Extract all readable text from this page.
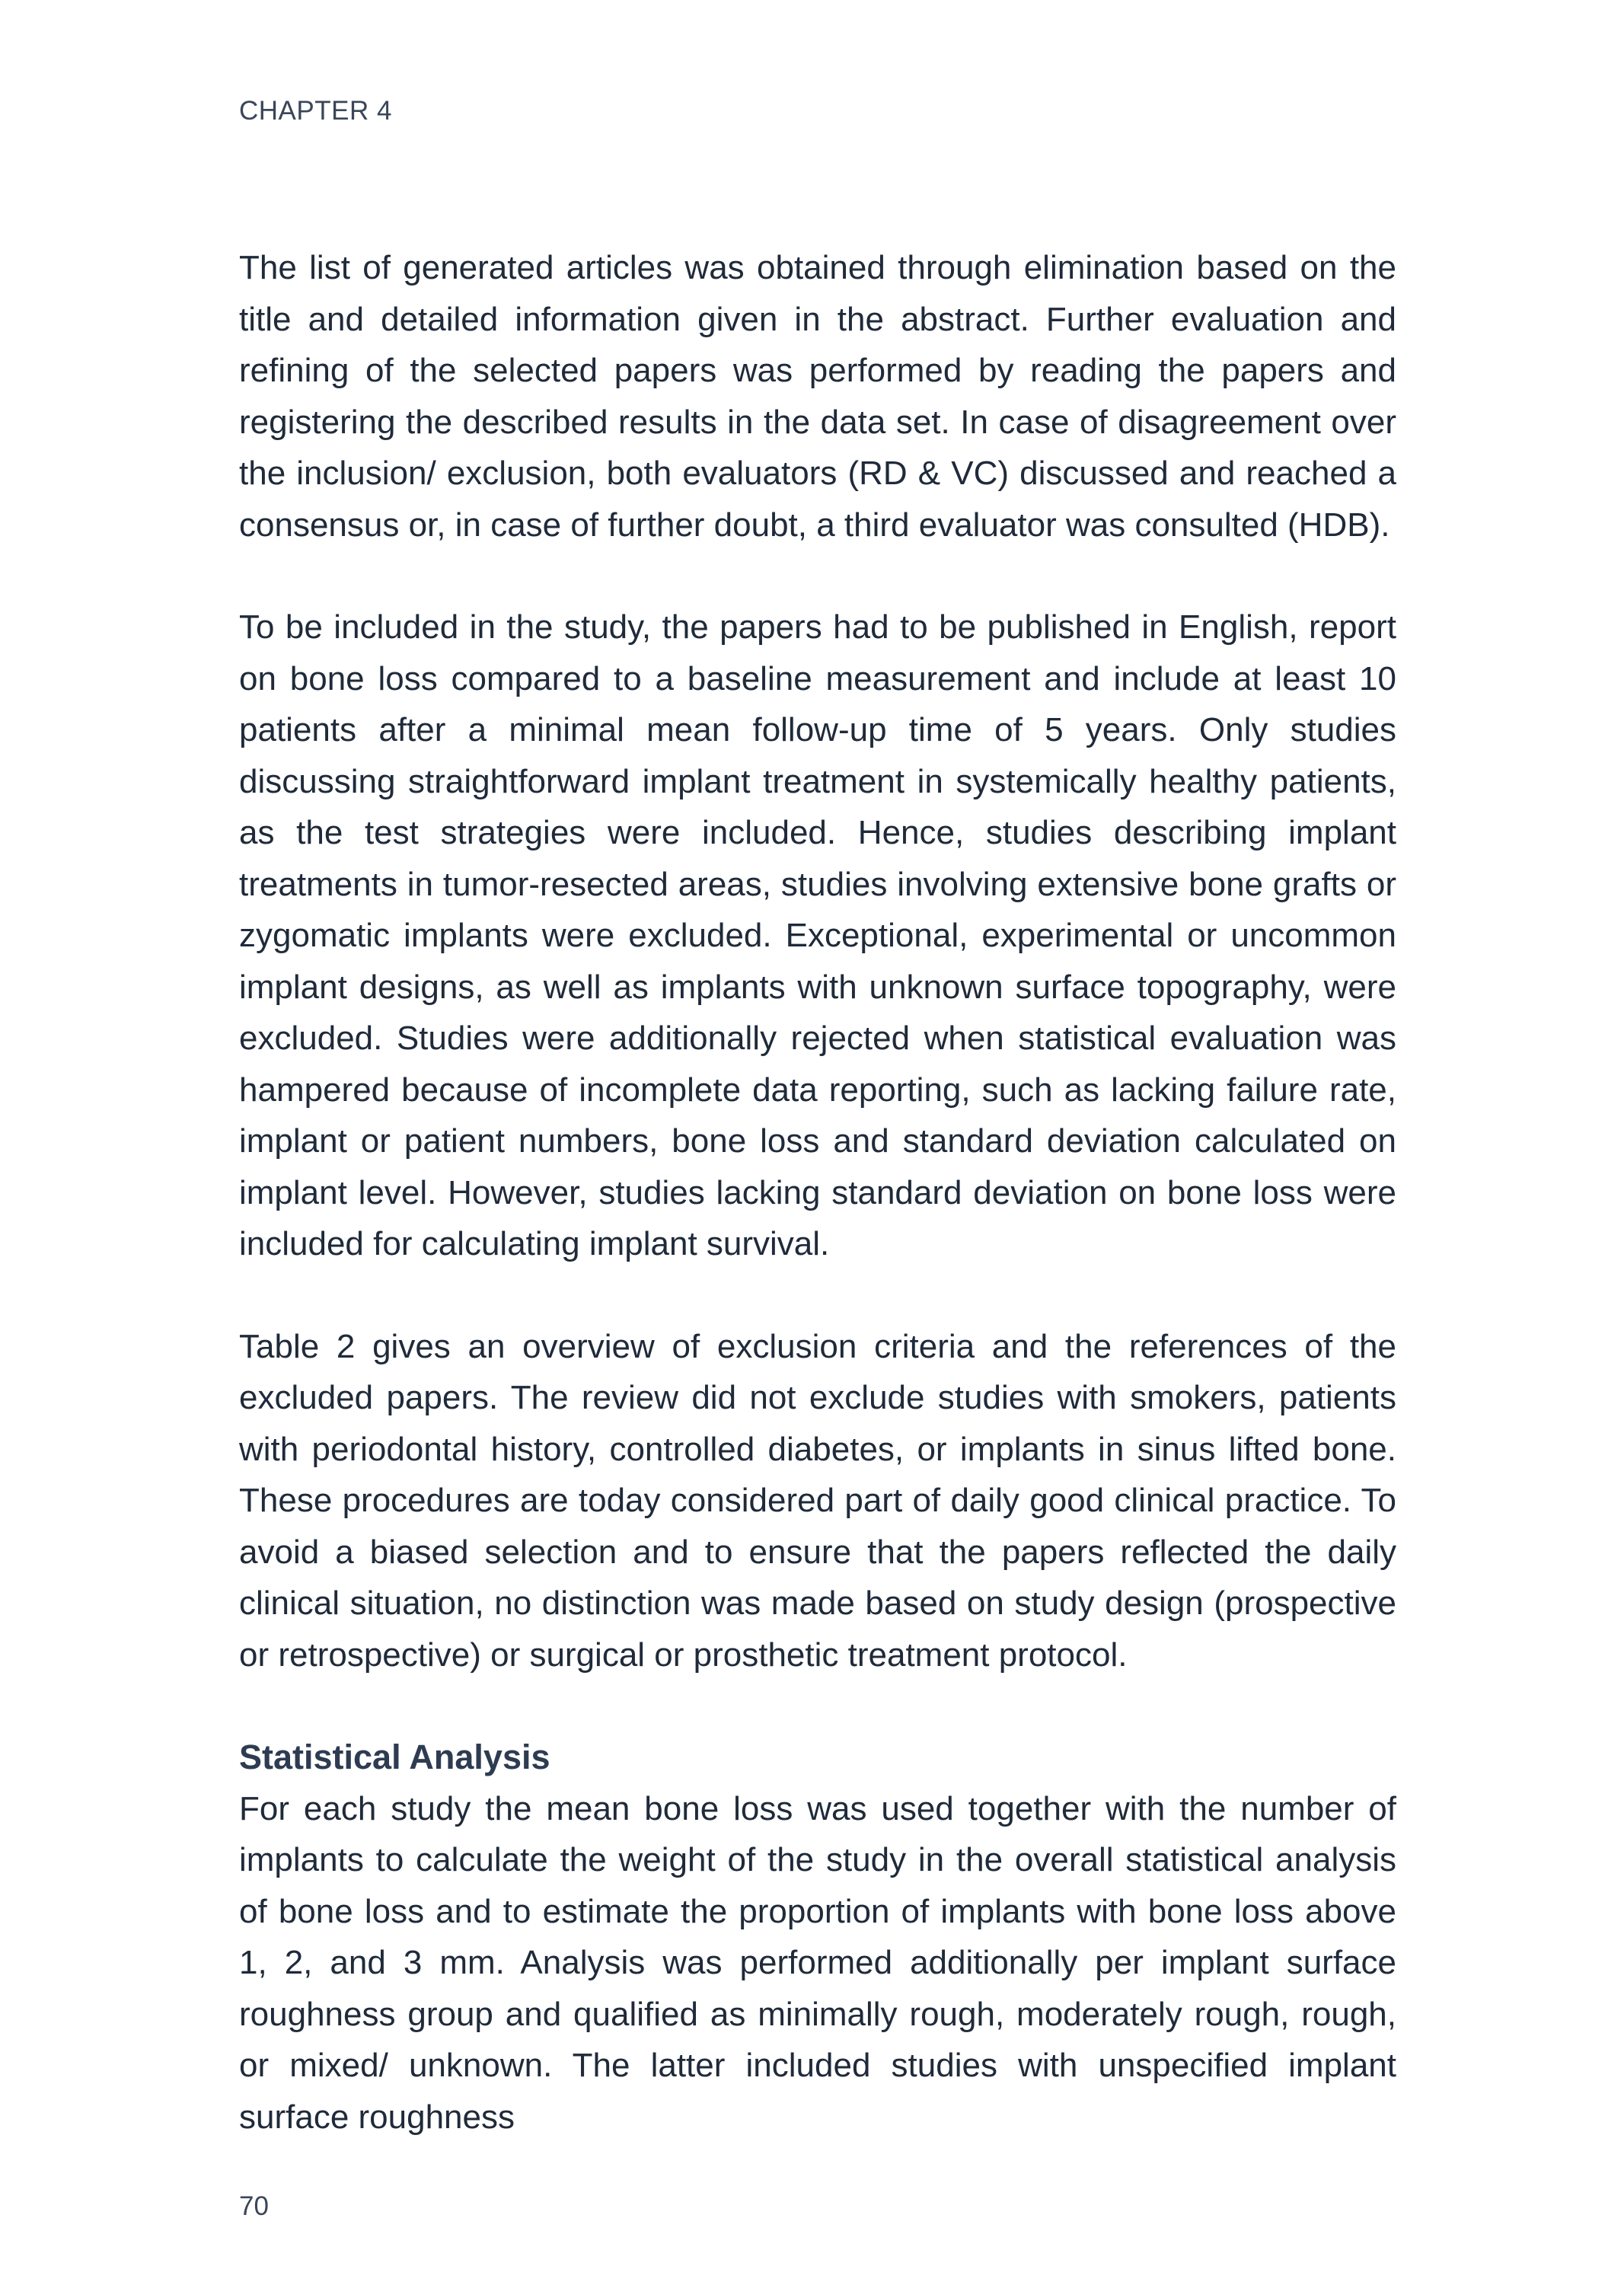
CHAPTER 4

The list of generated articles was obtained through elimination based on the title and detailed information given in the abstract. Further evaluation and refining of the selected papers was performed by reading the papers and registering the described results in the data set. In case of disagreement over the inclusion/ exclusion, both evaluators (RD & VC) discussed and reached a consensus or, in case of further doubt, a third evaluator was consulted (HDB).

To be included in the study, the papers had to be published in English, report on bone loss compared to a baseline measurement and include at least 10 patients after a minimal mean follow-up time of 5 years. Only studies discussing straightforward implant treatment in systemically healthy patients, as the test strategies were included. Hence, studies describing implant treatments in tumor-resected areas, studies involving extensive bone grafts or zygomatic implants were excluded. Exceptional, experimental or uncommon implant designs, as well as implants with unknown surface topography, were excluded. Studies were additionally rejected when statistical evaluation was hampered because of incomplete data reporting, such as lacking failure rate, implant or patient numbers, bone loss and standard deviation calculated on implant level. However, studies lacking standard deviation on bone loss were included for calculating implant survival.

Table 2 gives an overview of exclusion criteria and the references of the excluded papers. The review did not exclude studies with smokers, patients with periodontal history, controlled diabetes, or implants in sinus lifted bone. These procedures are today considered part of daily good clinical practice. To avoid a biased selection and to ensure that the papers reflected the daily clinical situation, no distinction was made based on study design (prospective or retrospective) or surgical or prosthetic treatment protocol.

Statistical Analysis

For each study the mean bone loss was used together with the number of implants to calculate the weight of the study in the overall statistical analysis of bone loss and to estimate the proportion of implants with bone loss above 1, 2, and 3 mm. Analysis was performed additionally per implant surface roughness group and qualified as minimally rough, moderately rough, rough, or mixed/ unknown. The latter included studies with unspecified implant surface roughness

70
